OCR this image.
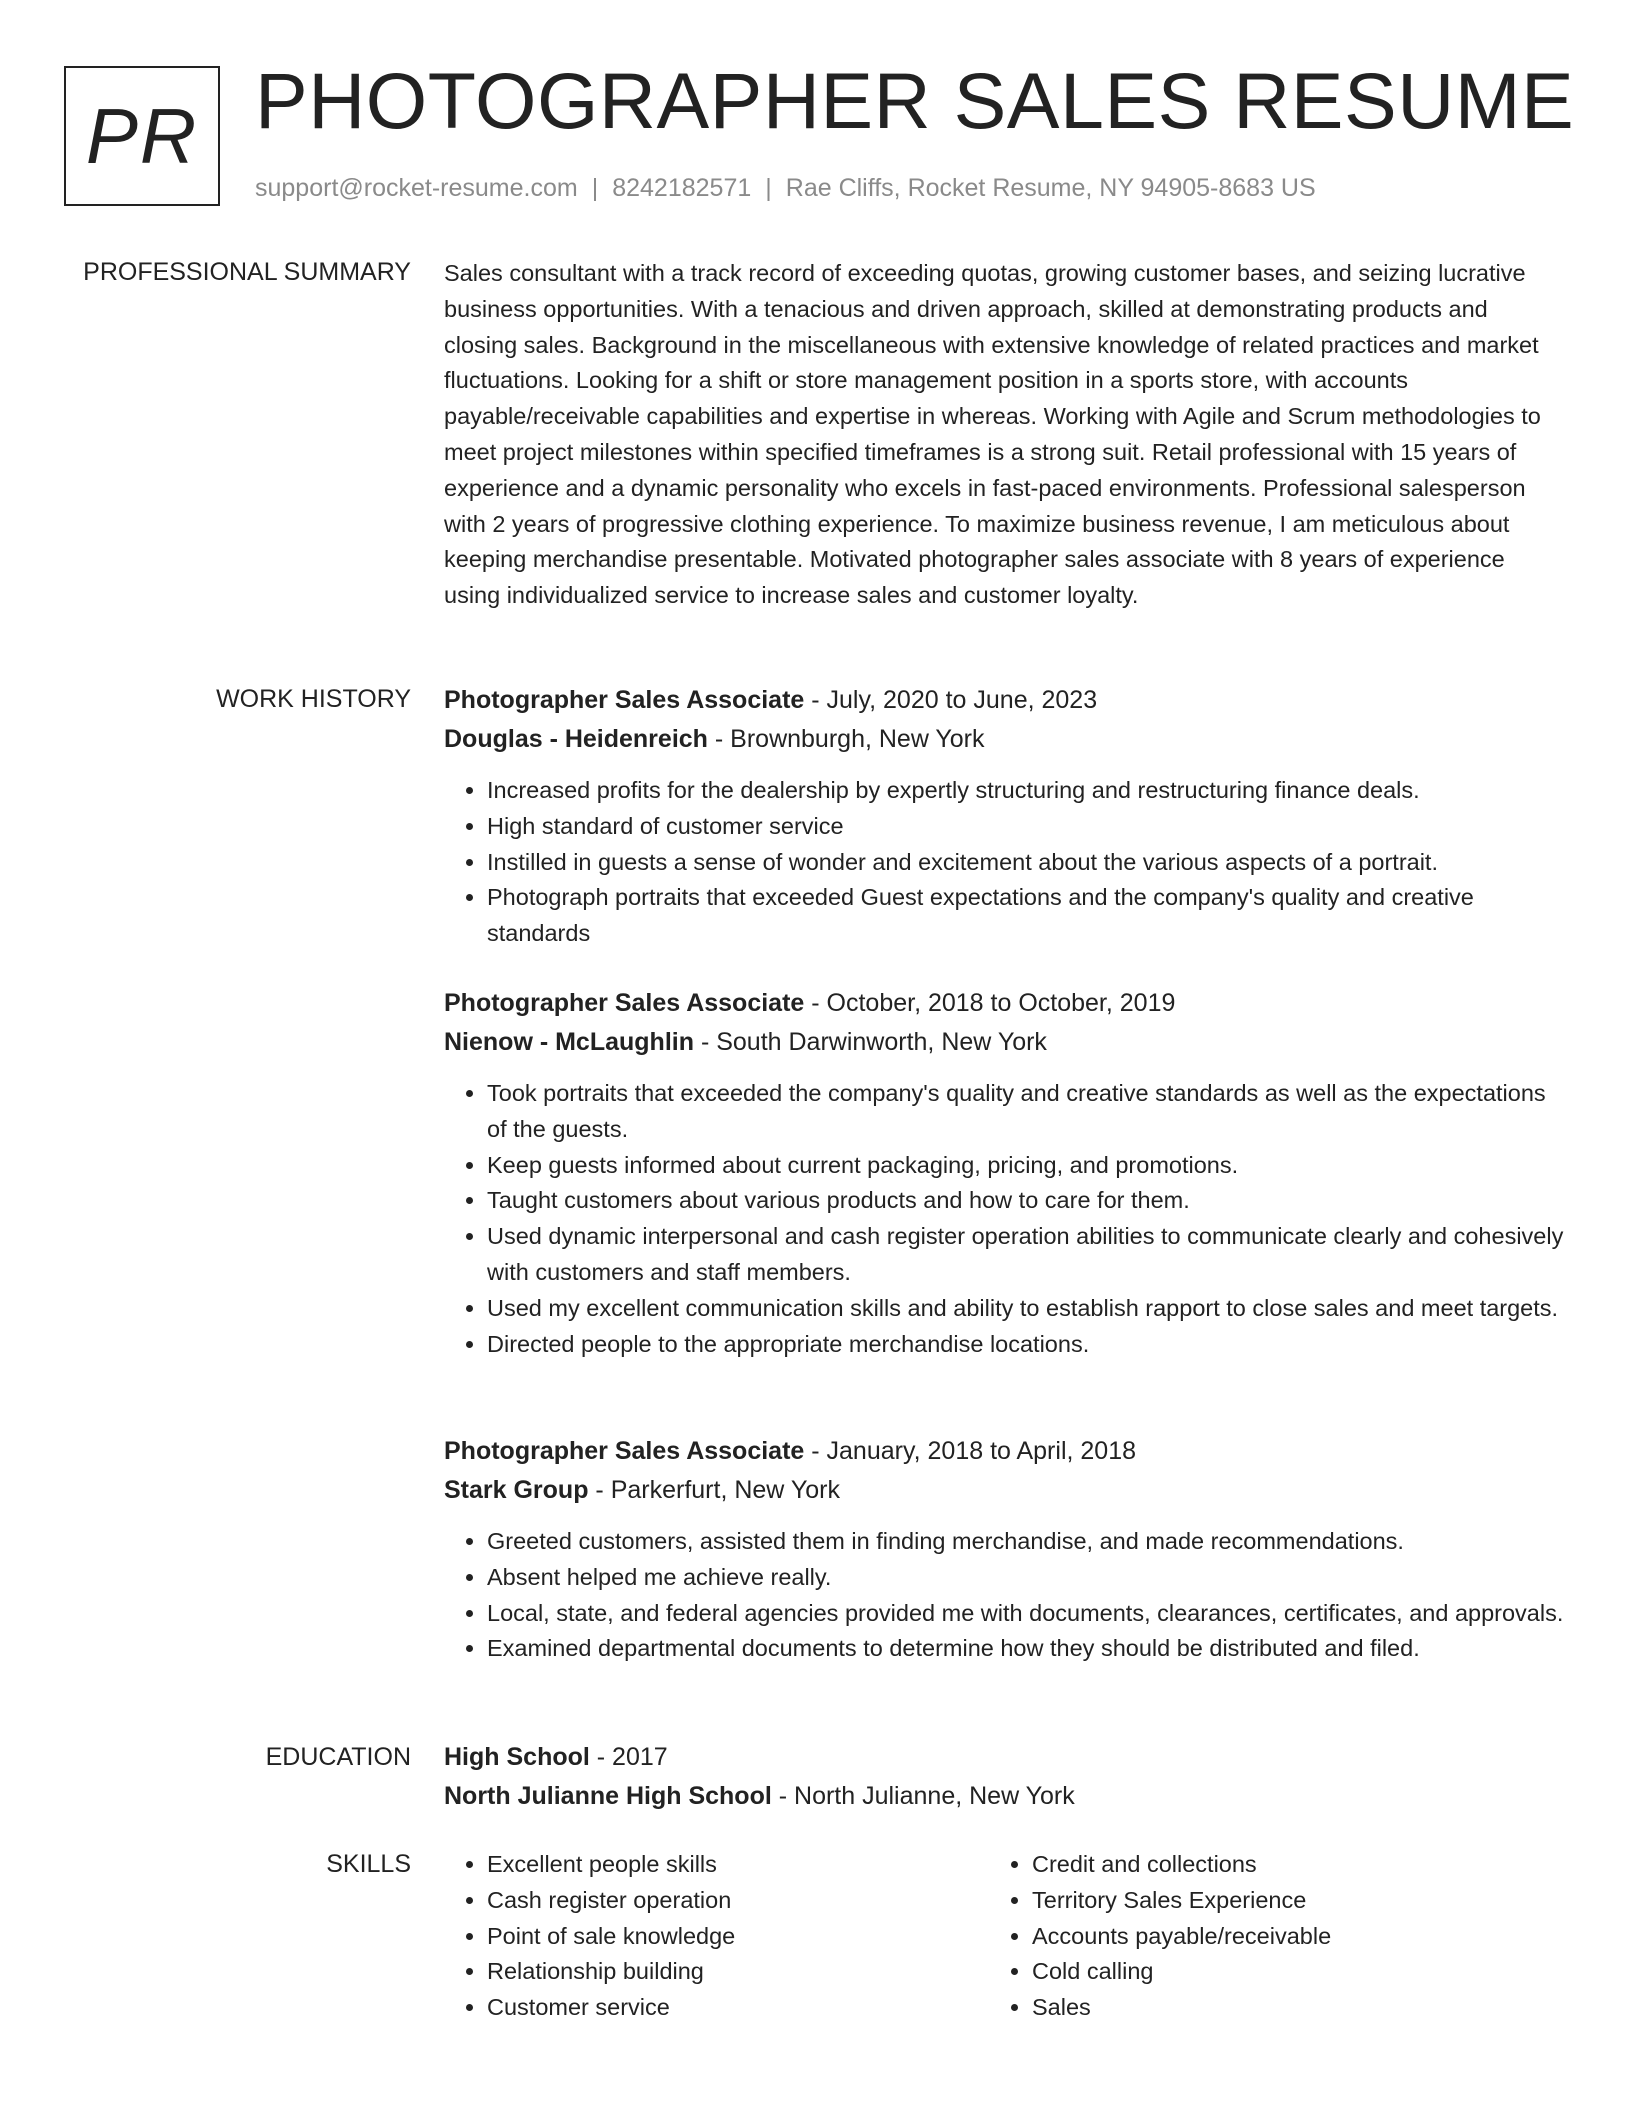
PR PHOTOGRAPHER SALES RESUME
support@rocket-resume.com | 8242182571 | Rae Cliffs, Rocket Resume, NY 94905-8683 US
PROFESSIONAL SUMMARY Sales consultant with a track record of exceeding quotas, growing customer bases, and seizing lucrative business opportunities. With a tenacious and driven approach, skilled at demonstrating products and closing sales. Background in the miscellaneous with extensive knowledge of related practices and market fluctuations. Looking for a shift or store management position in a sports store, with accounts payable/receivable capabilities and expertise in whereas. Working with Agile and Scrum methodologies to meet project milestones within specified timeframes is a strong suit. Retail professional with 15 years of experience and a dynamic personality who excels in fast-paced environments. Professional salesperson with 2 years of progressive clothing experience. To maximize business revenue, I am meticulous about keeping merchandise presentable. Motivated photographer sales associate with 8 years of experience using individualized service to increase sales and customer loyalty.
WORK HISTORY Photographer Sales Associate - July, 2020 to June, 2023
Douglas - Heidenreich - Brownburgh, New York
• Increased profits for the dealership by expertly structuring and restructuring finance deals.
• High standard of customer service
• Instilled in guests a sense of wonder and excitement about the various aspects of a portrait.
• Photograph portraits that exceeded Guest expectations and the company's quality and creative standards
Photographer Sales Associate - October, 2018 to October, 2019
Nienow - McLaughlin - South Darwinworth, New York
• Took portraits that exceeded the company's quality and creative standards as well as the expectations of the guests.
• Keep guests informed about current packaging, pricing, and promotions.
• Taught customers about various products and how to care for them.
• Used dynamic interpersonal and cash register operation abilities to communicate clearly and cohesively with customers and staff members.
• Used my excellent communication skills and ability to establish rapport to close sales and meet targets.
• Directed people to the appropriate merchandise locations.
Photographer Sales Associate - January, 2018 to April, 2018
Stark Group - Parkerfurt, New York
• Greeted customers, assisted them in finding merchandise, and made recommendations.
• Absent helped me achieve really.
• Local, state, and federal agencies provided me with documents, clearances, certificates, and approvals.
• Examined departmental documents to determine how they should be distributed and filed.
EDUCATION High School - 2017
North Julianne High School - North Julianne, New York
SKILLS
•	Excellent people skills
• Cash register operation
• Point of sale knowledge
• Relationship building
• Customer service
• Credit and collections
• Territory Sales Experience
• Accounts payable/receivable
• Cold calling
• Sales
